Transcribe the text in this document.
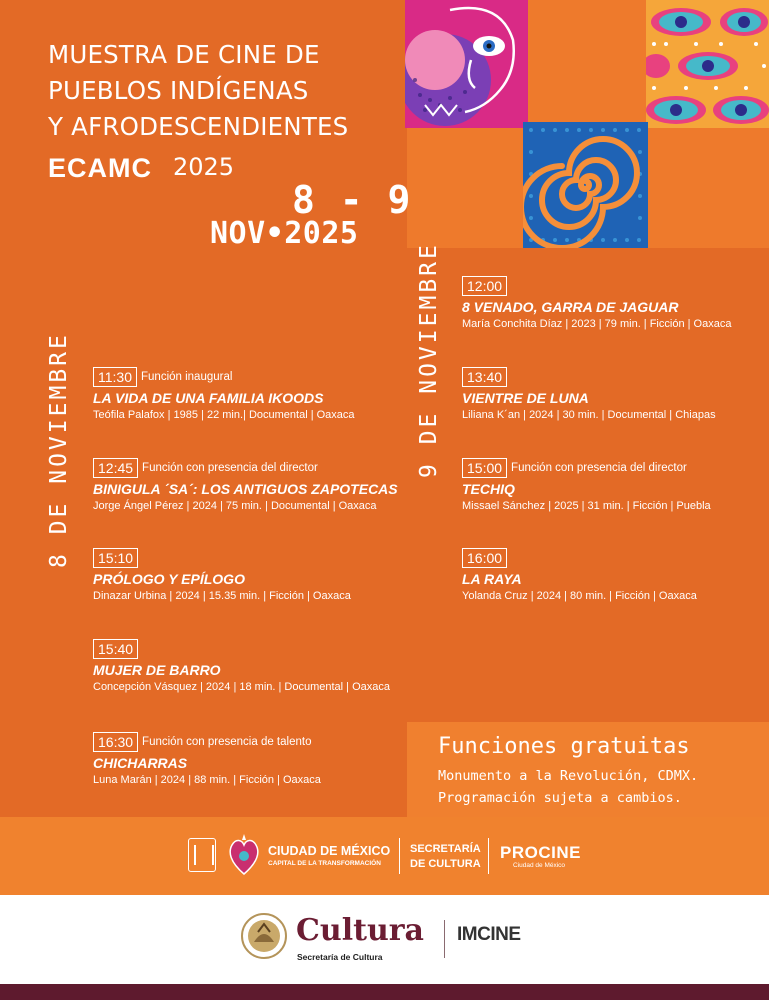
MUESTRA DE CINE DE
PUEBLOS INDÍGENAS
Y AFRODESCENDIENTES
ECAMC 2025
8 - 9
NOV•2025
8 DE NOVIEMBRE	9 DE NOVIEMBRE
11:30 Función inaugural
LA VIDA DE UNA FAMILIA IKOODS
Teófila Palafox | 1985 | 22 min.| Documental | Oaxaca
12:45 Función con presencia del director
BINIGULA ´SA´: LOS ANTIGUOS ZAPOTECAS
Jorge Ángel Pérez | 2024 | 75 min. | Documental | Oaxaca
15:10
PRÓLOGO Y EPÍLOGO
Dinazar Urbina | 2024 | 15.35 min. | Ficción | Oaxaca
15:40
MUJER DE BARRO
Concepción Vásquez | 2024 | 18 min. | Documental | Oaxaca
16:30 Función con presencia de talento
CHICHARRAS
Luna Marán | 2024 | 88 min. | Ficción | Oaxaca
12:00
8 VENADO, GARRA DE JAGUAR
María Conchita Díaz | 2023 | 79 min. | Ficción | Oaxaca
13:40
VIENTRE DE LUNA
Liliana K´an | 2024 | 30 min. | Documental | Chiapas
15:00 Función con presencia del director
TECHIQ
Missael Sánchez | 2025 | 31 min. | Ficción | Puebla
16:00
LA RAYA
Yolanda Cruz | 2024 | 80 min. | Ficción | Oaxaca
Funciones gratuitas
Monumento a la Revolución, CDMX.
Programación sujeta a cambios.
CIUDAD DE MÉXICO
CAPITAL DE LA TRANSFORMACIÓN
SECRETARÍA
DE CULTURA
PROCINE
Ciudad de México
Cultura
Secretaría de Cultura
IMCINE
